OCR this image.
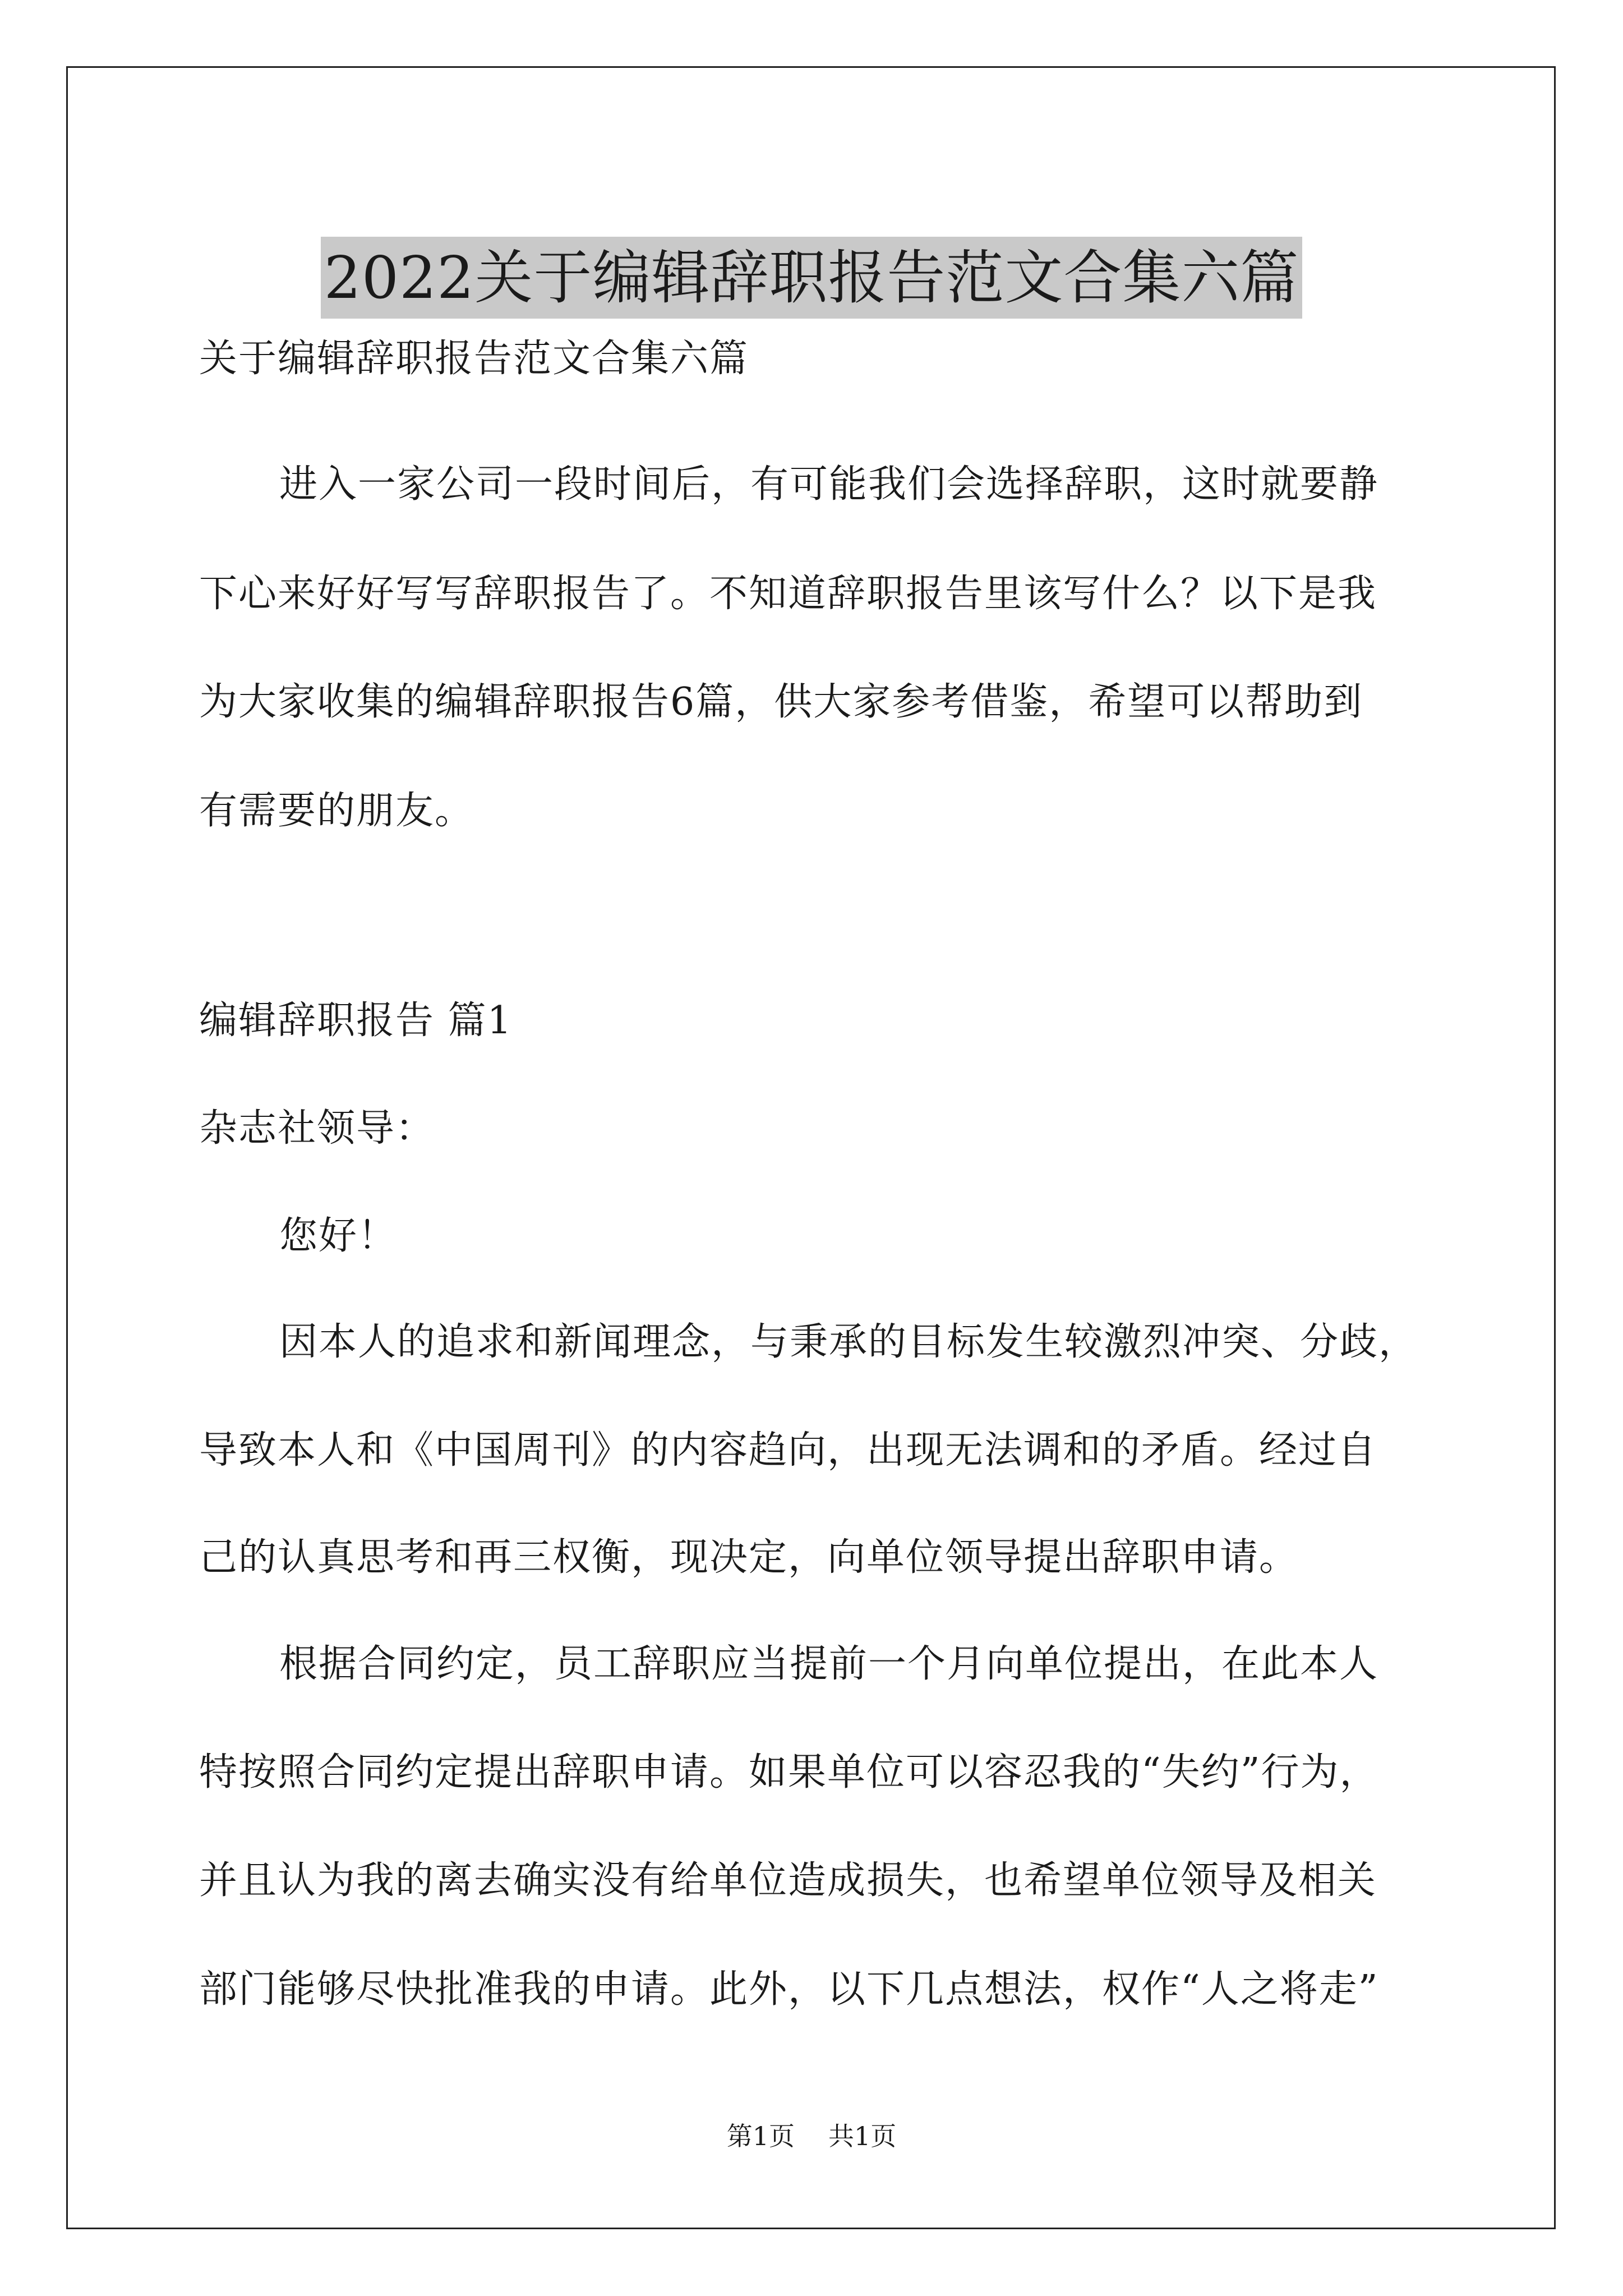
2022关于编辑辞职报告范文合集六篇
关于编辑辞职报告范文合集六篇
进入一家公司一段时间后，有可能我们会选择辞职，这时就要静
下心来好好写写辞职报告了。不知道辞职报告里该写什么？以下是我
为大家收集的编辑辞职报告6篇，供大家参考借鉴，希望可以帮助到
有需要的朋友。
编辑辞职报告 篇1
杂志社领导：
您好！
因本人的追求和新闻理念，与秉承的目标发生较激烈冲突、分歧，
导致本人和《中国周刊》的内容趋向，出现无法调和的矛盾。经过自
己的认真思考和再三权衡，现决定，向单位领导提出辞职申请。
根据合同约定，员工辞职应当提前一个月向单位提出，在此本人
特按照合同约定提出辞职申请。如果单位可以容忍我的“失约”行为，
并且认为我的离去确实没有给单位造成损失，也希望单位领导及相关
部门能够尽快批准我的申请。此外，以下几点想法，权作“人之将走”
第1页 共1页
